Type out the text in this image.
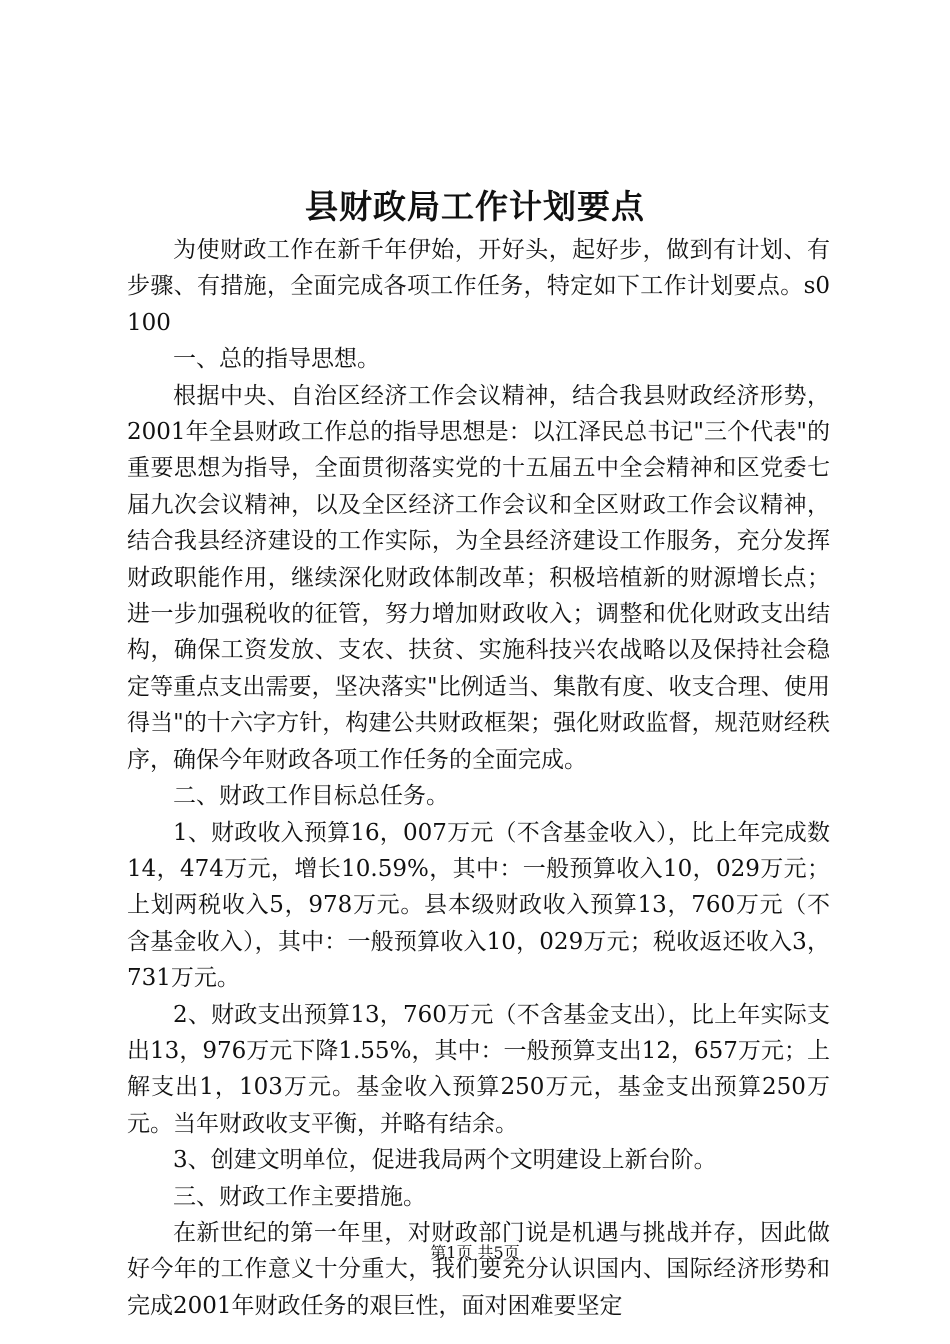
县财政局工作计划要点

为使财政工作在新千年伊始，开好头，起好步，做到有计划、有步骤、有措施，全面完成各项工作任务，特定如下工作计划要点。s0100

一、总的指导思想。

根据中央、自治区经济工作会议精神，结合我县财政经济形势，2001年全县财政工作总的指导思想是：以江泽民总书记"三个代表"的重要思想为指导，全面贯彻落实党的十五届五中全会精神和区党委七届九次会议精神，以及全区经济工作会议和全区财政工作会议精神，结合我县经济建设的工作实际，为全县经济建设工作服务，充分发挥财政职能作用，继续深化财政体制改革；积极培植新的财源增长点；进一步加强税收的征管，努力增加财政收入；调整和优化财政支出结构，确保工资发放、支农、扶贫、实施科技兴农战略以及保持社会稳定等重点支出需要，坚决落实"比例适当、集散有度、收支合理、使用得当"的十六字方针，构建公共财政框架；强化财政监督，规范财经秩序，确保今年财政各项工作任务的全面完成。

二、财政工作目标总任务。

1、财政收入预算16，007万元（不含基金收入），比上年完成数14，474万元，增长10.59%，其中：一般预算收入10，029万元；上划两税收入5，978万元。县本级财政收入预算13，760万元（不含基金收入），其中：一般预算收入10，029万元；税收返还收入3，731万元。

2、财政支出预算13，760万元（不含基金支出），比上年实际支出13，976万元下降1.55%，其中：一般预算支出12，657万元；上解支出1，103万元。基金收入预算250万元，基金支出预算250万元。当年财政收支平衡，并略有结余。

3、创建文明单位，促进我局两个文明建设上新台阶。

三、财政工作主要措施。

在新世纪的第一年里，对财政部门说是机遇与挑战并存，因此做好今年的工作意义十分重大，我们要充分认识国内、国际经济形势和完成2001年财政任务的艰巨性，面对困难要坚定

第1页 共5页
